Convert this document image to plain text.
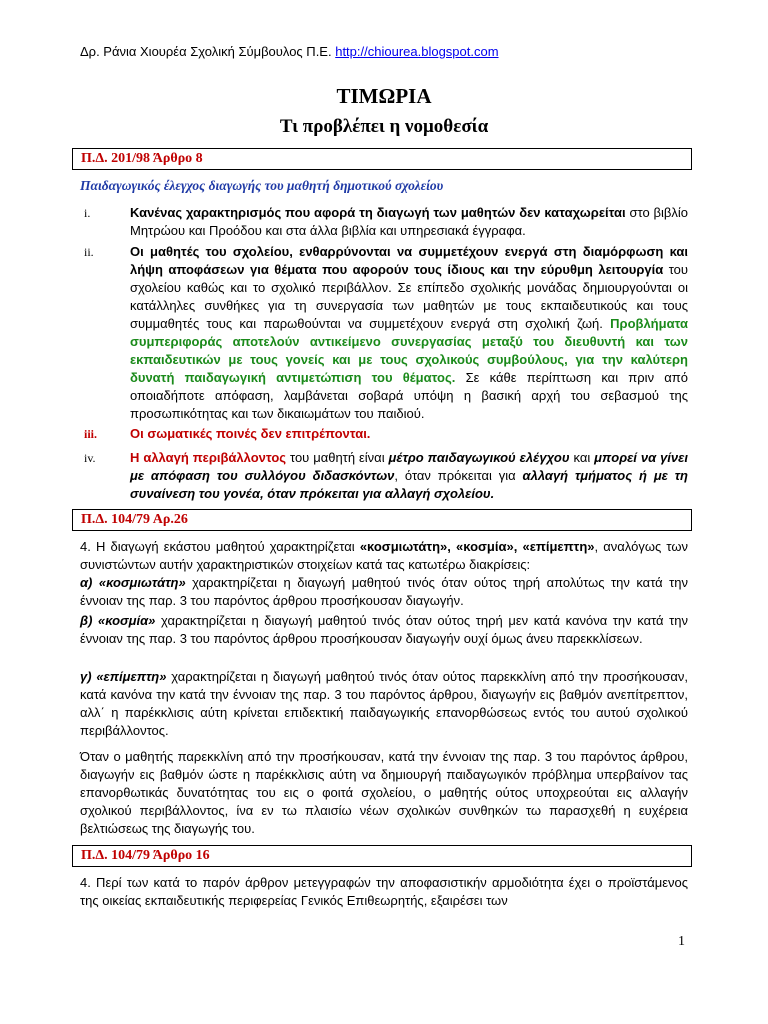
Δρ. Ράνια Χιουρέα Σχολική Σύμβουλος Π.Ε. http://chiourea.blogspot.com
ΤΙΜΩΡΙΑ
Τι προβλέπει η νομοθεσία
Π.Δ. 201/98 Άρθρο 8
Παιδαγωγικός έλεγχος διαγωγής του μαθητή δημοτικού σχολείου
i.	Κανένας χαρακτηρισμός που αφορά τη διαγωγή των μαθητών δεν καταχωρείται στο βιβλίο Μητρώου και Προόδου και στα άλλα βιβλία και υπηρεσιακά έγγραφα.
ii.	Οι μαθητές του σχολείου, ενθαρρύνονται να συμμετέχουν ενεργά στη διαμόρφωση και λήψη αποφάσεων για θέματα που αφορούν τους ίδιους και την εύρυθμη λειτουργία του σχολείου καθώς και το σχολικό περιβάλλον. Σε επίπεδο σχολικής μονάδας δημιουργούνται οι κατάλληλες συνθήκες για τη συνεργασία των μαθητών με τους εκπαιδευτικούς και τους συμμαθητές τους και παρωθούνται να συμμετέχουν ενεργά στη σχολική ζωή. Προβλήματα συμπεριφοράς αποτελούν αντικείμενο συνεργασίας μεταξύ του διευθυντή και των εκπαιδευτικών με τους γονείς και με τους σχολικούς συμβούλους, για την καλύτερη δυνατή παιδαγωγική αντιμετώπιση του θέματος. Σε κάθε περίπτωση και πριν από οποιαδήποτε απόφαση, λαμβάνεται σοβαρά υπόψη η βασική αρχή του σεβασμού της προσωπικότητας και των δικαιωμάτων του παιδιού.
iii.	Οι σωματικές ποινές δεν επιτρέπονται.
iv.	Η αλλαγή περιβάλλοντος του μαθητή είναι μέτρο παιδαγωγικού ελέγχου και μπορεί να γίνει με απόφαση του συλλόγου διδασκόντων, όταν πρόκειται για αλλαγή τμήματος ή με τη συναίνεση του γονέα, όταν πρόκειται για αλλαγή σχολείου.
Π.Δ. 104/79 Αρ.26
4. Η διαγωγή εκάστου μαθητού χαρακτηρίζεται «κοσμιωτάτη», «κοσμία», «επίμεπτη», αναλόγως των συνιστώντων αυτήν χαρακτηριστικών στοιχείων κατά τας κατωτέρω διακρίσεις:
α) «κοσμιωτάτη» χαρακτηρίζεται η διαγωγή μαθητού τινός όταν ούτος τηρή απολύτως την κατά την έννοιαν της παρ. 3 του παρόντος άρθρου προσήκουσαν διαγωγήν.
β) «κοσμία» χαρακτηρίζεται η διαγωγή μαθητού τινός όταν ούτος τηρή μεν κατά κανόνα την κατά την έννοιαν της παρ. 3 του παρόντος άρθρου προσήκουσαν διαγωγήν ουχί όμως άνευ παρεκκλίσεων.
γ) «επίμεπτη» χαρακτηρίζεται η διαγωγή μαθητού τινός όταν ούτος παρεκκλίνη από την προσήκουσαν, κατά κανόνα την κατά την έννοιαν της παρ. 3 του παρόντος άρθρου, διαγωγήν εις βαθμόν ανεπίτρεπτον, αλλ΄ η παρέκκλισις αύτη κρίνεται επιδεκτική παιδαγωγικής επανορθώσεως εντός του αυτού σχολικού περιβάλλοντος.
Όταν ο μαθητής παρεκκλίνη από την προσήκουσαν, κατά την έννοιαν της παρ. 3 του παρόντος άρθρου, διαγωγήν εις βαθμόν ώστε η παρέκκλισις αύτη να δημιουργή παιδαγωγικόν πρόβλημα υπερβαίνον τας επανορθωτικάς δυνατότητας του εις ο φοιτά σχολείου, ο μαθητής ούτος υποχρεούται εις αλλαγήν σχολικού περιβάλλοντος, ίνα εν τω πλαισίω νέων σχολικών συνθηκών τω παρασχεθή η ευχέρεια βελτιώσεως της διαγωγής του.
Π.Δ. 104/79 Άρθρο 16
4. Περί των κατά το παρόν άρθρον μετεγγραφών την αποφασιστικήν αρμοδιότητα έχει ο προϊστάμενος της οικείας εκπαιδευτικής περιφερείας Γενικός Επιθεωρητής, εξαιρέσει των
1
